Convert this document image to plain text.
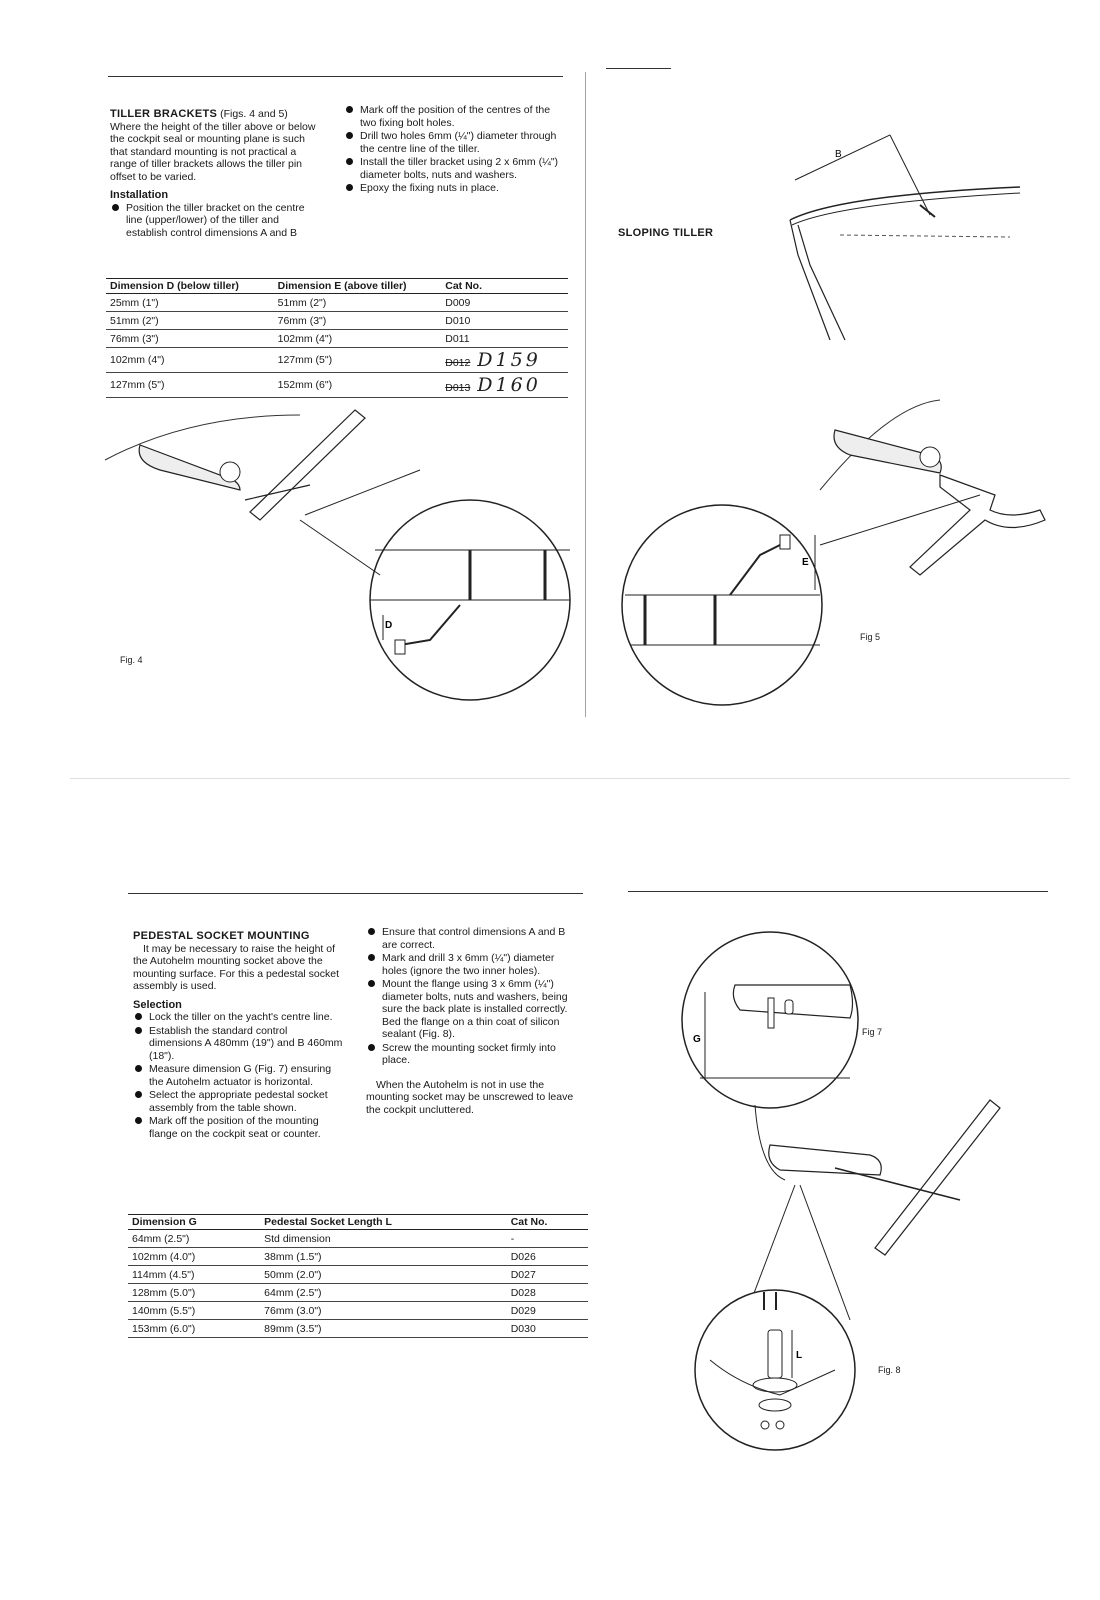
TILLER BRACKETS (Figs. 4 and 5)
Where the height of the tiller above or below the cockpit seal or mounting plane is such that standard mounting is not practical a range of tiller brackets allows the tiller pin offset to be varied.
Installation
Position the tiller bracket on the centre line (upper/lower) of the tiller and establish control dimensions A and B
Mark off the position of the centres of the two fixing bolt holes.
Drill two holes 6mm (¼") diameter through the centre line of the tiller.
Install the tiller bracket using 2 x 6mm (¼") diameter bolts, nuts and washers.
Epoxy the fixing nuts in place.
Dimension D (below tiller)	Dimension E (above tiller)	Cat No.
25mm (1")	51mm (2")	D009
51mm (2")	76mm (3")	D010
76mm (3")	102mm (4")	D011
102mm (4")	127mm (5")	D012 D159
127mm (5")	152mm (6")	D013 D160
SLOPING TILLER
B
D
Fig. 4
E
Fig 5
PEDESTAL SOCKET MOUNTING
It may be necessary to raise the height of the Autohelm mounting socket above the mounting surface. For this a pedestal socket assembly is used.
Selection
Lock the tiller on the yacht's centre line.
Establish the standard control dimensions A 480mm (19") and B 460mm (18").
Measure dimension G (Fig. 7) ensuring the Autohelm actuator is horizontal.
Select the appropriate pedestal socket assembly from the table shown.
Mark off the position of the mounting flange on the cockpit seat or counter.
Ensure that control dimensions A and B are correct.
Mark and drill 3 x 6mm (¼") diameter holes (ignore the two inner holes).
Mount the flange using 3 x 6mm (¼") diameter bolts, nuts and washers, being sure the back plate is installed correctly. Bed the flange on a thin coat of silicon sealant (Fig. 8).
Screw the mounting socket firmly into place.
When the Autohelm is not in use the mounting socket may be unscrewed to leave the cockpit uncluttered.
Dimension G	Pedestal Socket Length L	Cat No.
64mm (2.5")	Std dimension	-
102mm (4.0")	38mm (1.5")	D026
114mm (4.5")	50mm (2.0")	D027
128mm (5.0")	64mm (2.5")	D028
140mm (5.5")	76mm (3.0")	D029
153mm (6.0")	89mm (3.5")	D030
G
L
Fig 7
Fig. 8
